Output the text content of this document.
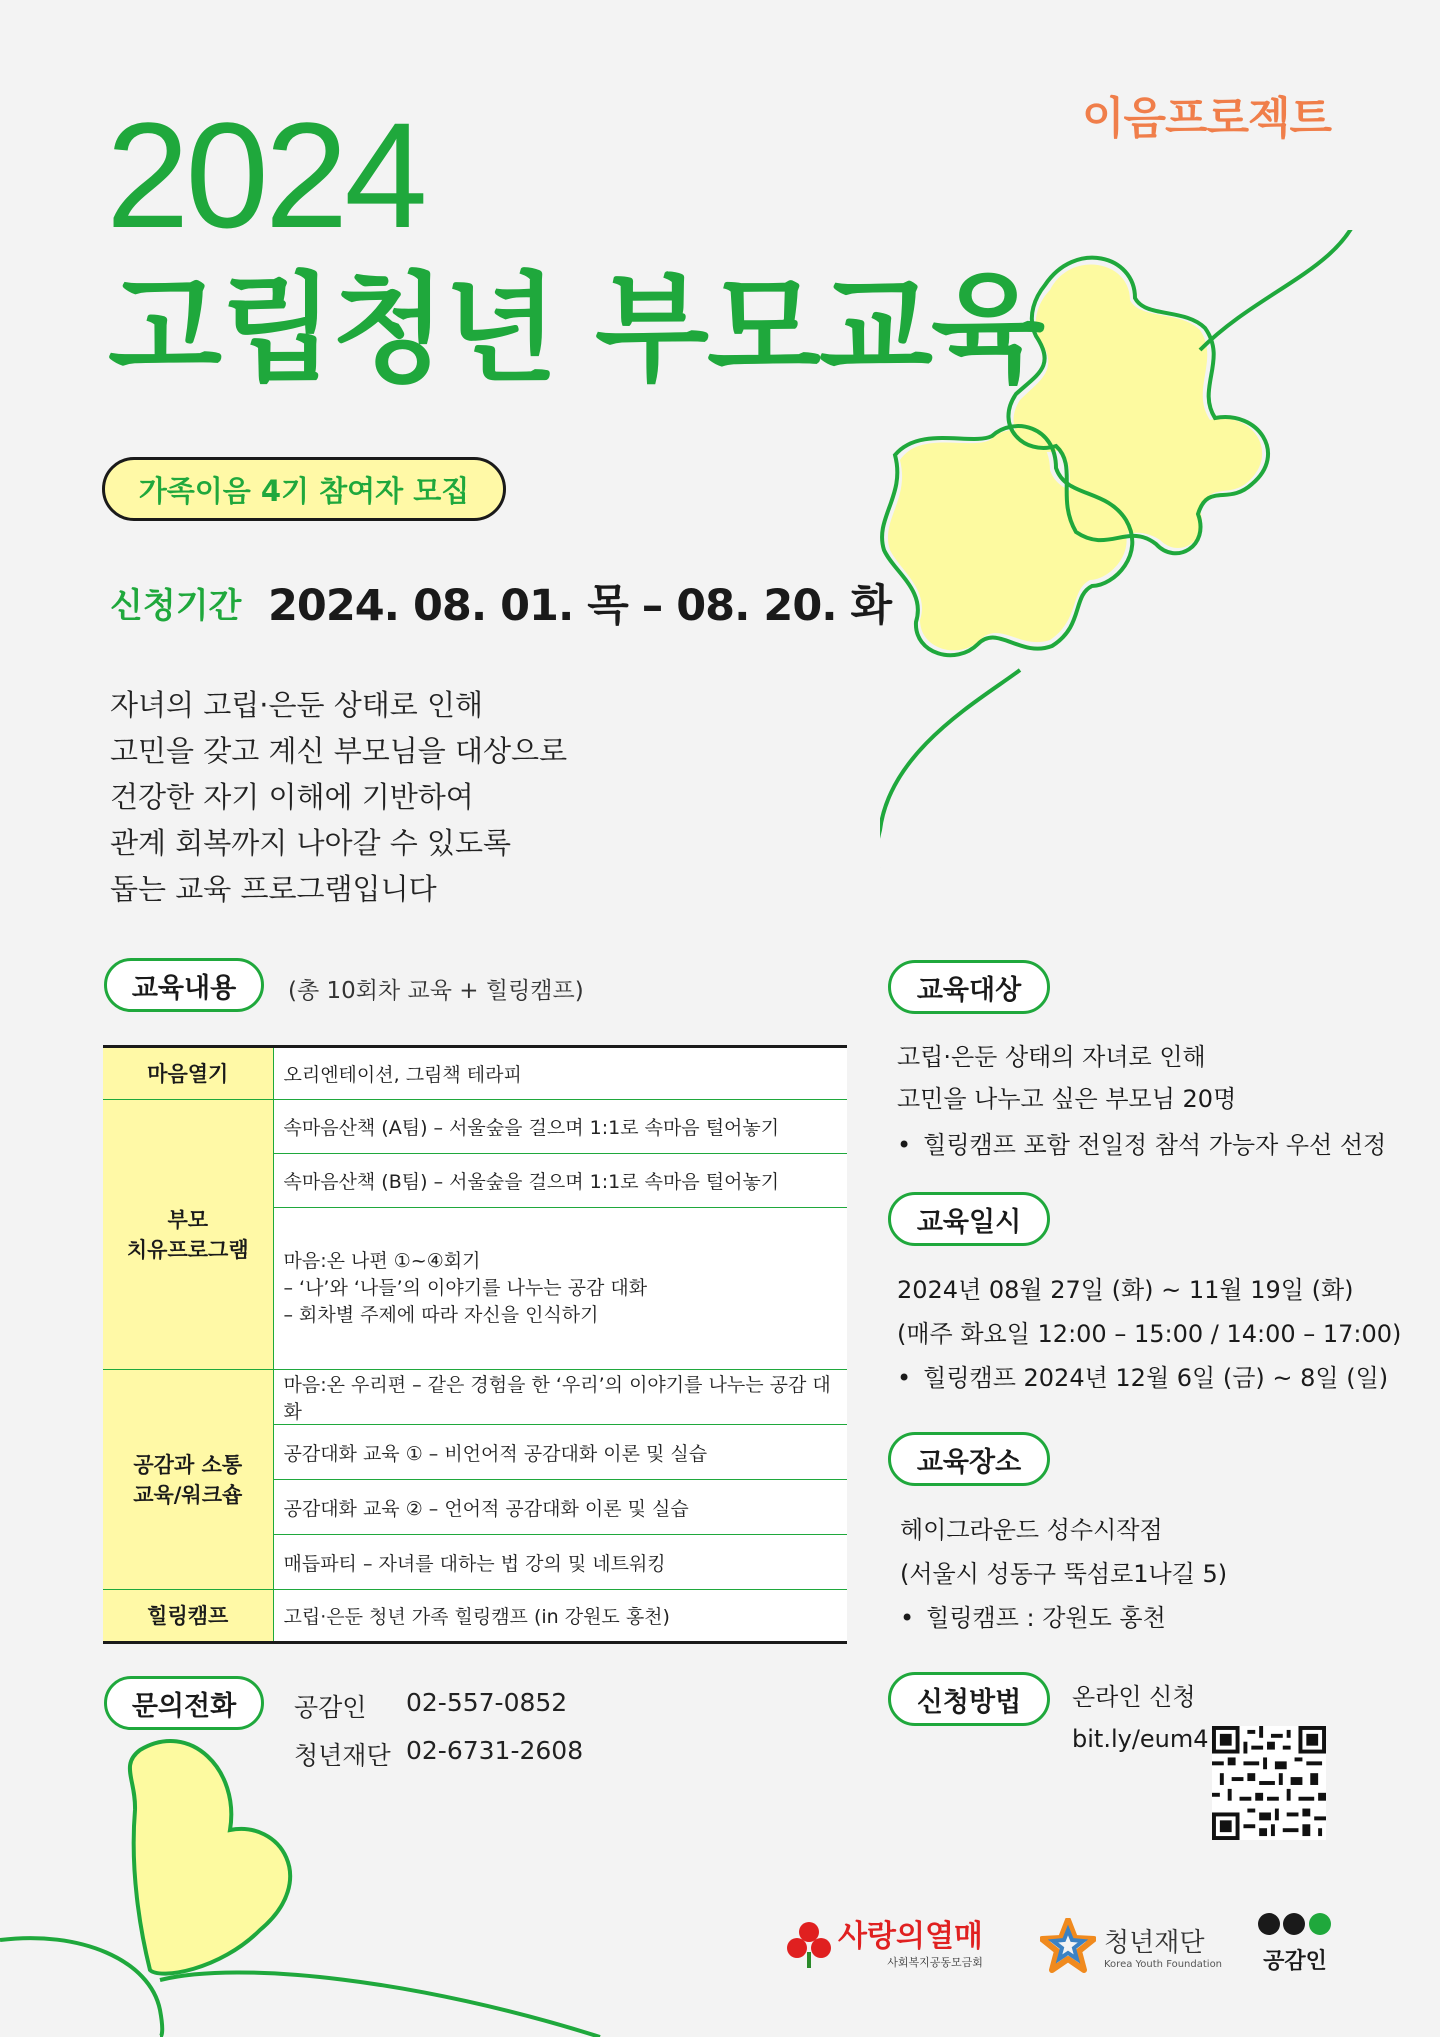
이음프로젝트
2024
고립청년 부모교육
가족이음 4기 참여자 모집
신청기간 2024. 08. 01. 목 – 08. 20. 화
자녀의 고립·은둔 상태로 인해
고민을 갖고 계신 부모님을 대상으로
건강한 자기 이해에 기반하여
관계 회복까지 나아갈 수 있도록
돕는 교육 프로그램입니다
교육내용	(총 10회차 교육 + 힐링캠프)
마음열기	오리엔테이션, 그림책 테라피
부모
치유프로그램	속마음산책 (A팀) – 서울숲을 걸으며 1:1로 속마음 털어놓기
	속마음산책 (B팀) – 서울숲을 걸으며 1:1로 속마음 털어놓기
	마음:온 나편 ①~④회기
– ‘나’와 ‘나들’의 이야기를 나누는 공감 대화
– 회차별 주제에 따라 자신을 인식하기
공감과 소통
교육/워크숍	마음:온 우리편 – 같은 경험을 한 ‘우리’의 이야기를 나누는 공감 대화
	공감대화 교육 ① – 비언어적 공감대화 이론 및 실습
	공감대화 교육 ② – 언어적 공감대화 이론 및 실습
	매듭파티 – 자녀를 대하는 법 강의 및 네트워킹
힐링캠프	고립·은둔 청년 가족 힐링캠프 (in 강원도 홍천)
문의전화	공감인 02-557-0852
청년재단 02-6731-2608
교육대상
고립·은둔 상태의 자녀로 인해
고민을 나누고 싶은 부모님 20명
• 힐링캠프 포함 전일정 참석 가능자 우선 선정
교육일시
2024년 08월 27일 (화) ~ 11월 19일 (화)
(매주 화요일 12:00 – 15:00 / 14:00 – 17:00)
• 힐링캠프 2024년 12월 6일 (금) ~ 8일 (일)
교육장소
헤이그라운드 성수시작점
(서울시 성동구 뚝섬로1나길 5)
• 힐링캠프 : 강원도 홍천
신청방법	온라인 신청
bit.ly/eum4
사랑의열매
사회복지공동모금회
청년재단
Korea Youth Foundation	공감인
